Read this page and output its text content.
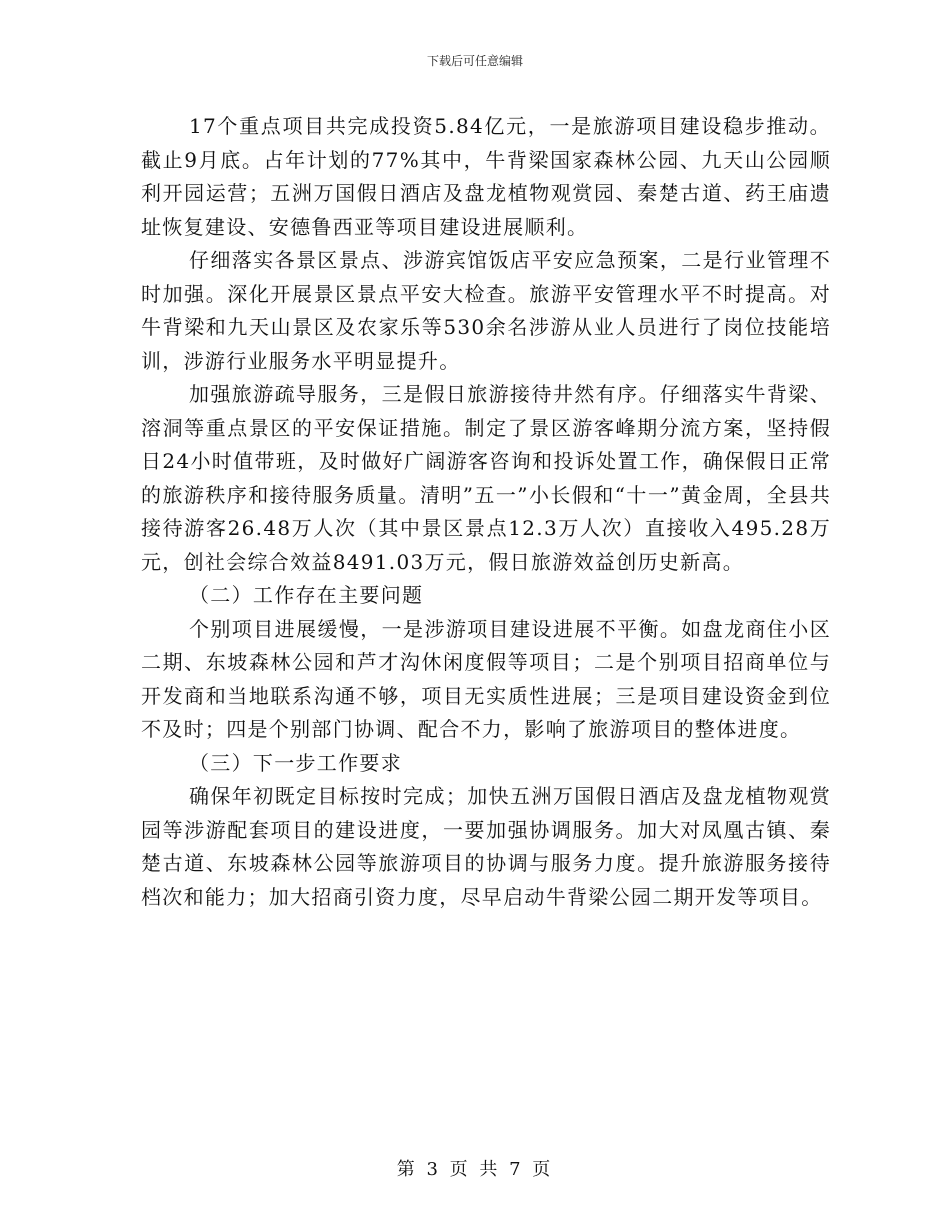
下载后可任意编辑

17个重点项目共完成投资5.84亿元，一是旅游项目建设稳步推动。截止9月底。占年计划的77%其中，牛背梁国家森林公园、九天山公园顺利开园运营；五洲万国假日酒店及盘龙植物观赏园、秦楚古道、药王庙遗址恢复建设、安德鲁西亚等项目建设进展顺利。

仔细落实各景区景点、涉游宾馆饭店平安应急预案，二是行业管理不时加强。深化开展景区景点平安大检查。旅游平安管理水平不时提高。对牛背梁和九天山景区及农家乐等530余名涉游从业人员进行了岗位技能培训，涉游行业服务水平明显提升。

加强旅游疏导服务，三是假日旅游接待井然有序。仔细落实牛背梁、溶洞等重点景区的平安保证措施。制定了景区游客峰期分流方案，坚持假日24小时值带班，及时做好广阔游客咨询和投诉处置工作，确保假日正常的旅游秩序和接待服务质量。清明”五一”小长假和“十一”黄金周，全县共接待游客26.48万人次（其中景区景点12.3万人次）直接收入495.28万元，创社会综合效益8491.03万元，假日旅游效益创历史新高。

（二）工作存在主要问题

个别项目进展缓慢，一是涉游项目建设进展不平衡。如盘龙商住小区二期、东坡森林公园和芦才沟休闲度假等项目；二是个别项目招商单位与开发商和当地联系沟通不够，项目无实质性进展；三是项目建设资金到位不及时；四是个别部门协调、配合不力，影响了旅游项目的整体进度。

（三）下一步工作要求

确保年初既定目标按时完成；加快五洲万国假日酒店及盘龙植物观赏园等涉游配套项目的建设进度，一要加强协调服务。加大对凤凰古镇、秦楚古道、东坡森林公园等旅游项目的协调与服务力度。提升旅游服务接待档次和能力；加大招商引资力度，尽早启动牛背梁公园二期开发等项目。

第 3 页 共 7 页
